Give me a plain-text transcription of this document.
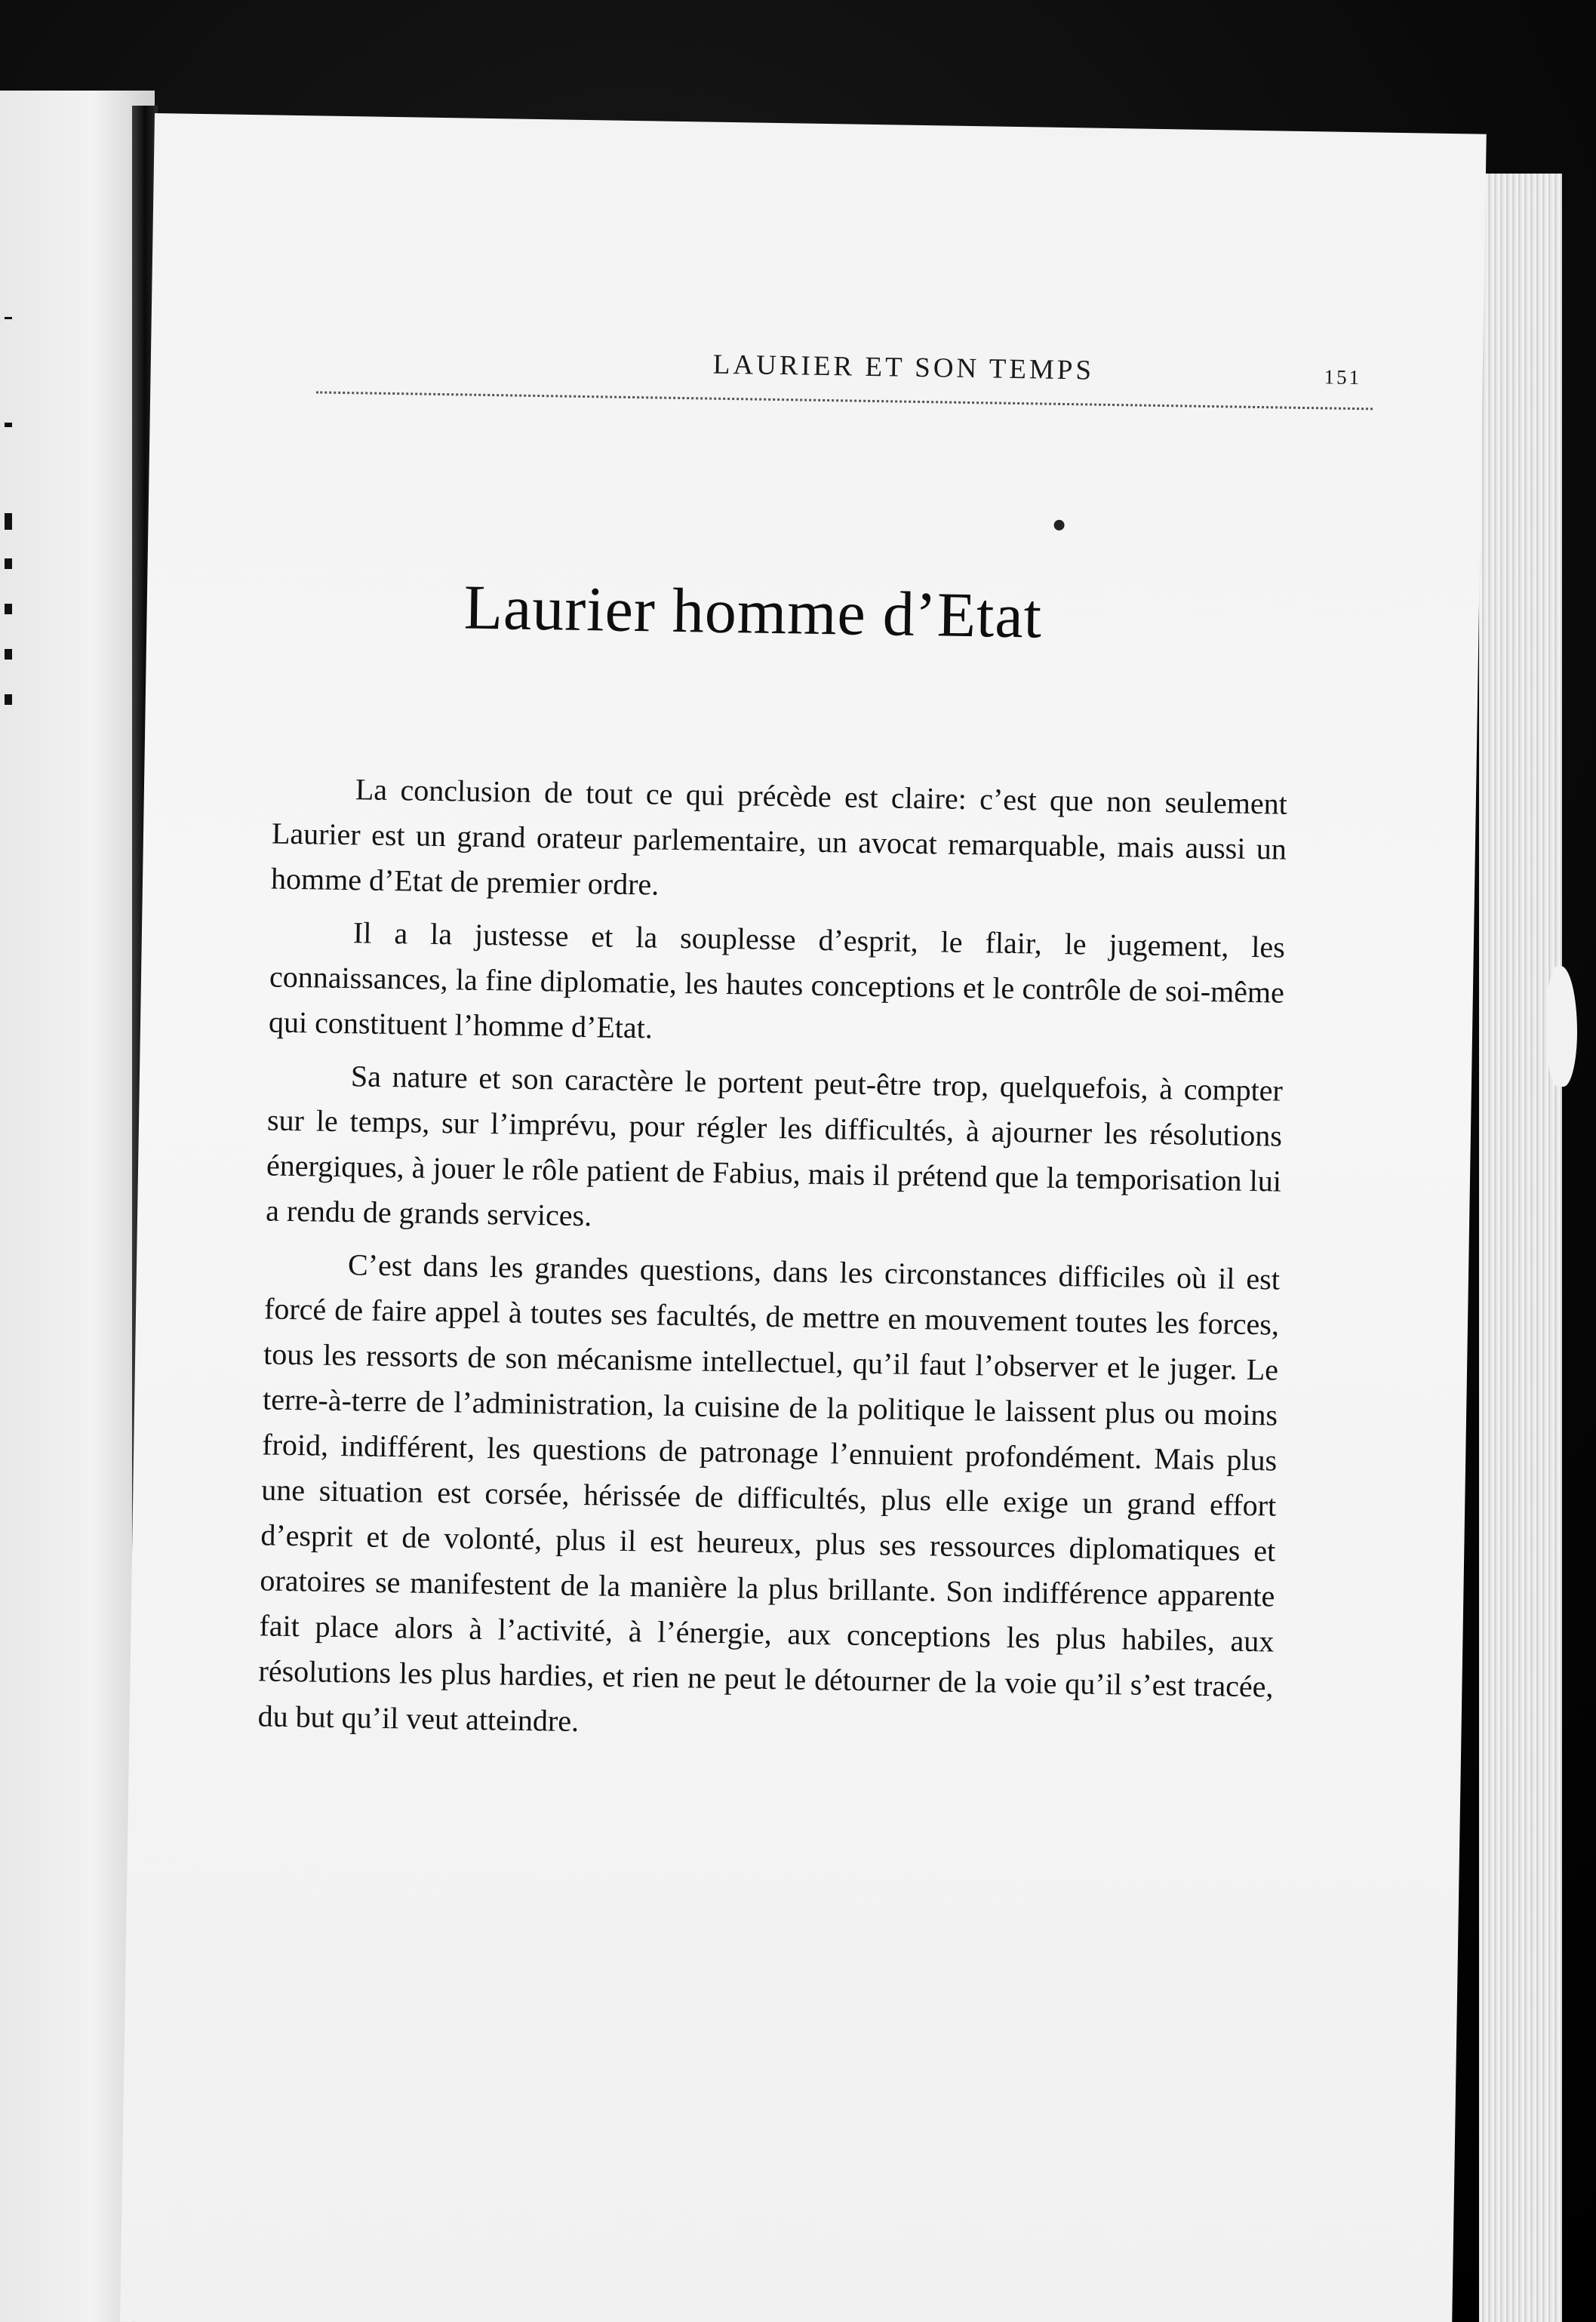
LAURIER ET SON TEMPS	151
Laurier homme d’Etat

La conclusion de tout ce qui précède est claire: c’est que non seulement Laurier est un grand orateur parlementaire, un avocat remarquable, mais aussi un homme d’Etat de premier ordre.

Il a la justesse et la souplesse d’esprit, le flair, le jugement, les connaissances, la fine diplomatie, les hautes conceptions et le contrôle de soi-même qui constituent l’homme d’Etat.

Sa nature et son caractère le portent peut-être trop, quelquefois, à compter sur le temps, sur l’imprévu, pour régler les difficultés, à ajourner les résolutions énergiques, à jouer le rôle patient de Fabius, mais il prétend que la temporisation lui a rendu de grands services.

C’est dans les grandes questions, dans les circonstances difficiles où il est forcé de faire appel à toutes ses facultés, de mettre en mouvement toutes les forces, tous les ressorts de son mécanisme intellectuel, qu’il faut l’observer et le juger. Le terre-à-terre de l’administration, la cuisine de la politique le laissent plus ou moins froid, indifférent, les questions de patronage l’ennuient profondément. Mais plus une situation est corsée, hérissée de difficultés, plus elle exige un grand effort d’esprit et de volonté, plus il est heureux, plus ses ressources diplomatiques et oratoires se manifestent de la manière la plus brillante. Son indifférence apparente fait place alors à l’activité, à l’énergie, aux conceptions les plus habiles, aux résolutions les plus hardies, et rien ne peut le détourner de la voie qu’il s’est tracée, du but qu’il veut atteindre.
